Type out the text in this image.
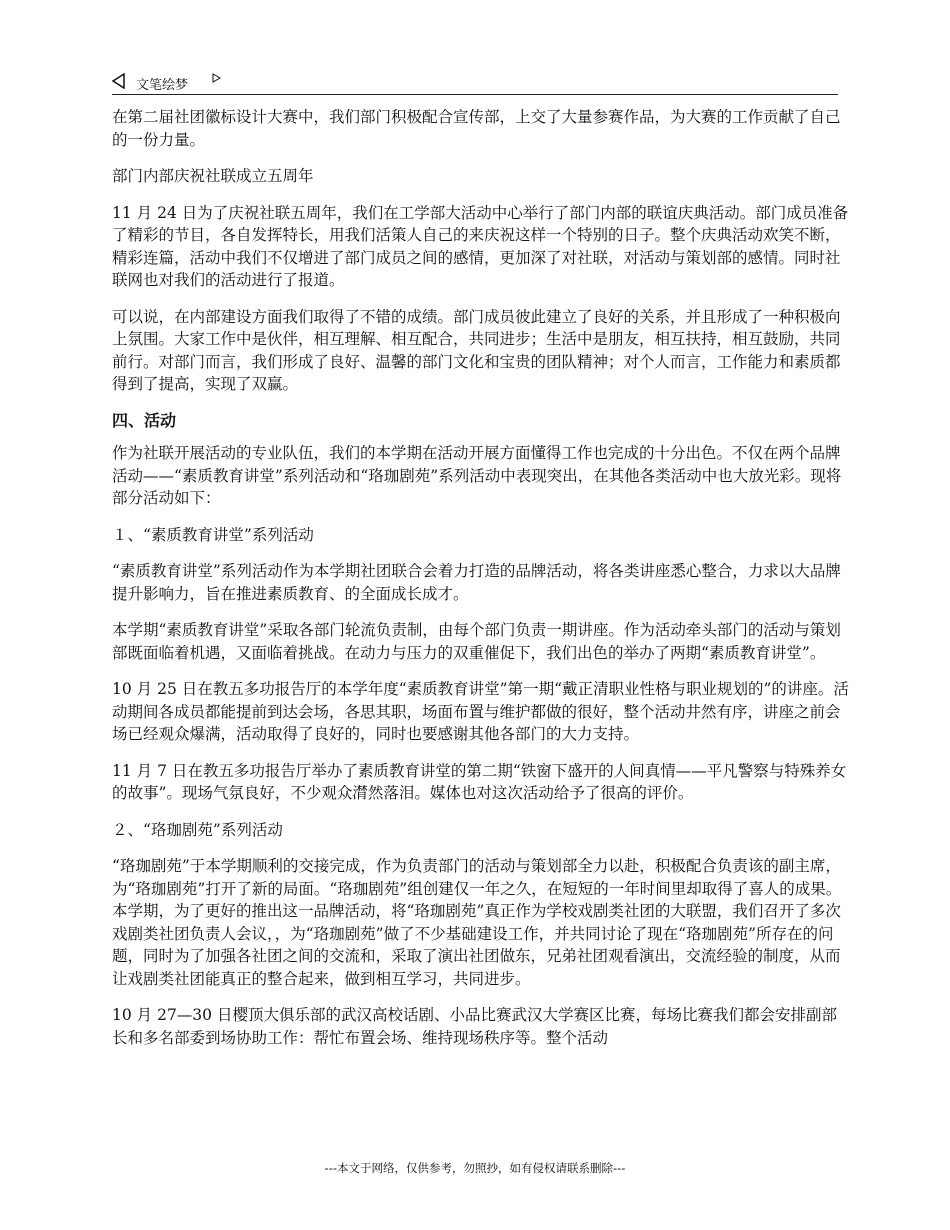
文笔绘梦

在第二届社团徽标设计大赛中，我们部门积极配合宣传部，上交了大量参赛作品，为大赛的工作贡献了自己的一份力量。

部门内部庆祝社联成立五周年

11 月 24 日为了庆祝社联五周年，我们在工学部大活动中心举行了部门内部的联谊庆典活动。部门成员准备了精彩的节目，各自发挥特长，用我们活策人自己的来庆祝这样一个特别的日子。整个庆典活动欢笑不断，精彩连篇，活动中我们不仅增进了部门成员之间的感情，更加深了对社联，对活动与策划部的感情。同时社联网也对我们的活动进行了报道。

可以说，在内部建设方面我们取得了不错的成绩。部门成员彼此建立了良好的关系，并且形成了一种积极向上氛围。大家工作中是伙伴，相互理解、相互配合，共同进步；生活中是朋友，相互扶持，相互鼓励，共同前行。对部门而言，我们形成了良好、温馨的部门文化和宝贵的团队精神；对个人而言，工作能力和素质都得到了提高，实现了双赢。

四、活动

作为社联开展活动的专业队伍，我们的本学期在活动开展方面懂得工作也完成的十分出色。不仅在两个品牌活动——“素质教育讲堂”系列活动和“珞珈剧苑”系列活动中表现突出，在其他各类活动中也大放光彩。现将部分活动如下：

１、“素质教育讲堂”系列活动

“素质教育讲堂”系列活动作为本学期社团联合会着力打造的品牌活动，将各类讲座悉心整合，力求以大品牌提升影响力，旨在推进素质教育、的全面成长成才。

本学期“素质教育讲堂”采取各部门轮流负责制，由每个部门负责一期讲座。作为活动牵头部门的活动与策划部既面临着机遇，又面临着挑战。在动力与压力的双重催促下，我们出色的举办了两期“素质教育讲堂”。

10 月 25 日在教五多功报告厅的本学年度“素质教育讲堂”第一期“戴正清职业性格与职业规划的”的讲座。活动期间各成员都能提前到达会场，各思其职，场面布置与维护都做的很好，整个活动井然有序，讲座之前会场已经观众爆满，活动取得了良好的，同时也要感谢其他各部门的大力支持。

11 月 7 日在教五多功报告厅举办了素质教育讲堂的第二期“铁窗下盛开的人间真情——平凡警察与特殊养女的故事”。现场气氛良好，不少观众潸然落泪。媒体也对这次活动给予了很高的评价。

２、“珞珈剧苑”系列活动

“珞珈剧苑”于本学期顺利的交接完成，作为负责部门的活动与策划部全力以赴，积极配合负责该的副主席，为“珞珈剧苑”打开了新的局面。“珞珈剧苑”组创建仅一年之久，在短短的一年时间里却取得了喜人的成果。本学期，为了更好的推出这一品牌活动，将“珞珈剧苑”真正作为学校戏剧类社团的大联盟，我们召开了多次戏剧类社团负责人会议，，为“珞珈剧苑”做了不少基础建设工作，并共同讨论了现在“珞珈剧苑”所存在的问题，同时为了加强各社团之间的交流和，采取了演出社团做东，兄弟社团观看演出，交流经验的制度，从而让戏剧类社团能真正的整合起来，做到相互学习，共同进步。

10 月 27—30 日樱顶大俱乐部的武汉高校话剧、小品比赛武汉大学赛区比赛，每场比赛我们都会安排副部长和多名部委到场协助工作：帮忙布置会场、维持现场秩序等。整个活动

---本文于网络，仅供参考，勿照抄，如有侵权请联系删除---
